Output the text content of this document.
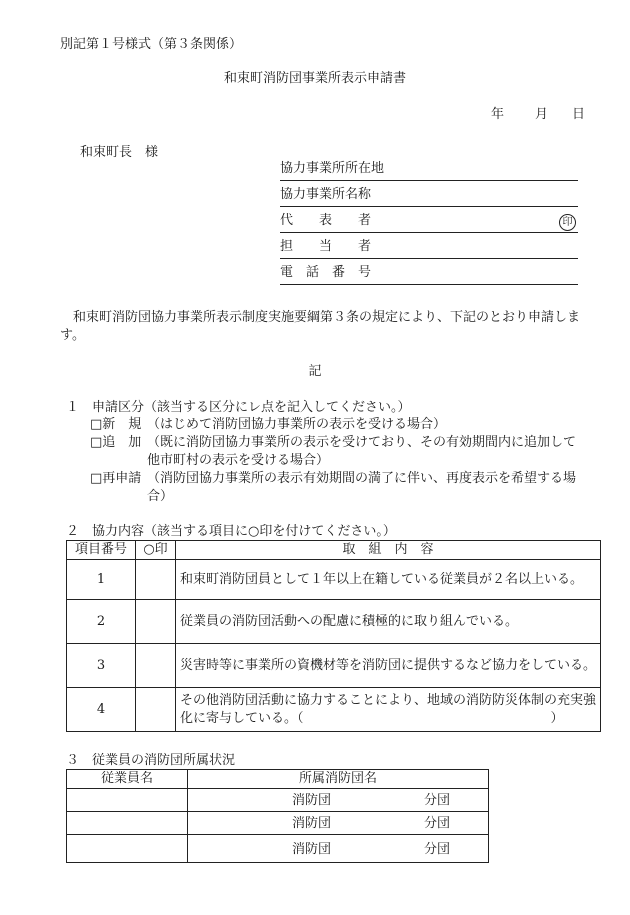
別記第１号様式（第３条関係）
和束町消防団事業所表示申請書
年 月 日
和束町長　様
協力事業所所在地
協力事業所名称
代　　表　　者	印
担　　当　　者
電　話　番　号
和束町消防団協力事業所表示制度実施要綱第３条の規定により、下記のとおり申請します。
記
１　申請区分（該当する区分にレ点を記入してください。）
□新　規 （はじめて消防団協力事業所の表示を受ける場合）
□追　加 （既に消防団協力事業所の表示を受けており、その有効期間内に追加して他市町村の表示を受ける場合）
□再申請 （消防団協力事業所の表示有効期間の満了に伴い、再度表示を希望する場合）
２　協力内容（該当する項目に○印を付けてください。）
項目番号	○印	取　組　内　容
1		和束町消防団員として１年以上在籍している従業員が２名以上いる。
2		従業員の消防団活動への配慮に積極的に取り組んでいる。
3		災害時等に事業所の資機材等を消防団に提供するなど協力をしている。
4		その他消防団活動に協力することにより、地域の消防防災体制の充実強化に寄与している。（　　　　　　　　　　　　　　　　　　　）
３　従業員の消防団所属状況
従業員名	所属消防団名

	消防団 分団

	消防団 分団

	消防団 分団
